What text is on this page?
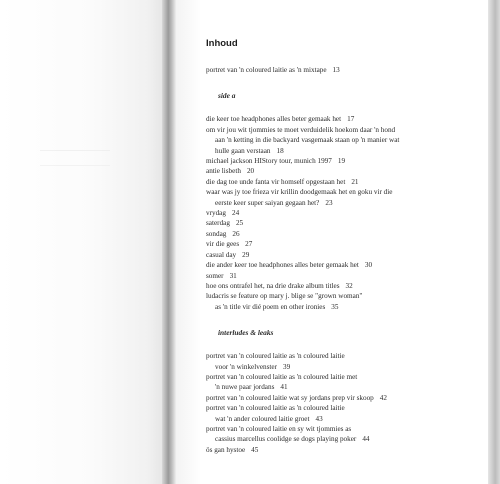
Inhoud
portret van 'n coloured laitie as 'n mixtape 13
side a
die keer toe headphones alles beter gemaak het 17
om vir jou wit tjommies te moet verduidelik hoekom daar 'n hond
aan 'n ketting in die backyard vasgemaak staan op 'n manier wat
hulle gaan verstaan 18
michael jackson HIStory tour, munich 1997 19
antie lisbeth 20
die dag toe unde fanta vir homself opgestaan het 21
waar was jy toe frieza vir krillin doodgemaak het en goku vir die
eerste keer super saiyan gegaan het? 23
vrydag 24
saterdag 25
sondag 26
vir die gees 27
casual day 29
die ander keer toe headphones alles beter gemaak het 30
somer 31
hoe ons ontrafel het, na drie drake album titles 32
ludacris se feature op mary j. blige se "grown woman"
as 'n title vir dié poem en other ironies 35
interludes & leaks
portret van 'n coloured laitie as 'n coloured laitie
voor 'n winkelvenster 39
portret van 'n coloured laitie as 'n coloured laitie met
'n nuwe paar jordans 41
portret van 'n coloured laitie wat sy jordans prep vir skoop 42
portret van 'n coloured laitie as 'n coloured laitie
wat 'n ander coloured laitie groet 43
portret van 'n coloured laitie en sy wit tjommies as
cassius marcellus coolidge se dogs playing poker 44
ös gan hystoe 45
